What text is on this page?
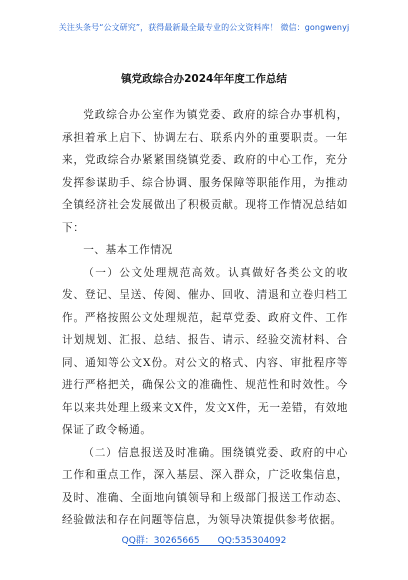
关注头条号“公文研究”，获得最新最全最专业的公文资料库！ 微信：gongwenyj
镇党政综合办2024年年度工作总结

党政综合办公室作为镇党委、政府的综合办事机构，承担着承上启下、协调左右、联系内外的重要职责。一年来，党政综合办紧紧围绕镇党委、政府的中心工作，充分发挥参谋助手、综合协调、服务保障等职能作用，为推动全镇经济社会发展做出了积极贡献。现将工作情况总结如下：

一、基本工作情况

（一）公文处理规范高效。认真做好各类公文的收发、登记、呈送、传阅、催办、回收、清退和立卷归档工作。严格按照公文处理规范，起草党委、政府文件、工作计划规划、汇报、总结、报告、请示、经验交流材料、合同、通知等公文X份。对公文的格式、内容、审批程序等进行严格把关，确保公文的准确性、规范性和时效性。今年以来共处理上级来文X件，发文X件，无一差错，有效地保证了政令畅通。

（二）信息报送及时准确。围绕镇党委、政府的中心工作和重点工作，深入基层、深入群众，广泛收集信息，及时、准确、全面地向镇领导和上级部门报送工作动态、经验做法和存在问题等信息，为领导决策提供参考依据。

QQ群：30265665 QQ:535304092
